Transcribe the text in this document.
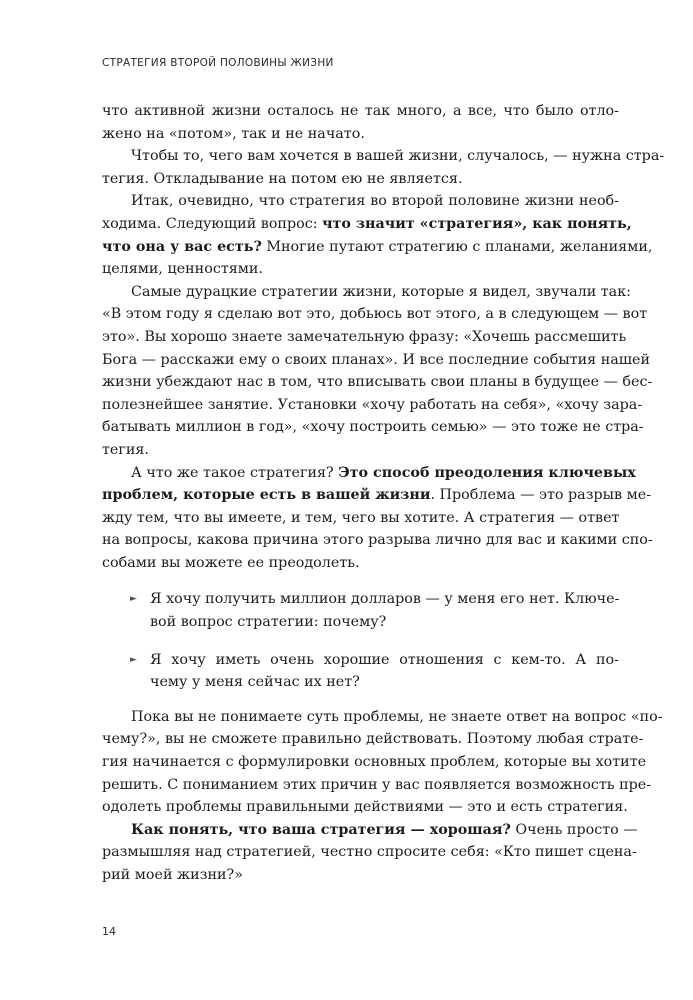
СТРАТЕГИЯ ВТОРОЙ ПОЛОВИНЫ ЖИЗНИ
что активной жизни осталось не так много, а все, что было отло-
жено на «потом», так и не начато.
Чтобы то, чего вам хочется в вашей жизни, случалось, — нужна стра-
тегия. Откладывание на потом ею не является.
Итак, очевидно, что стратегия во второй половине жизни необ-
ходима. Следующий вопрос: что значит «стратегия», как понять,
что она у вас есть? Многие путают стратегию с планами, желаниями,
целями, ценностями.
Самые дурацкие стратегии жизни, которые я видел, звучали так:
«В этом году я сделаю вот это, добьюсь вот этого, а в следующем — вот
это». Вы хорошо знаете замечательную фразу: «Хочешь рассмешить
Бога — расскажи ему о своих планах». И все последние события нашей
жизни убеждают нас в том, что вписывать свои планы в будущее — бес-
полезнейшее занятие. Установки «хочу работать на себя», «хочу зара-
батывать миллион в год», «хочу построить семью» — это тоже не стра-
тегия.
А что же такое стратегия? Это способ преодоления ключевых
проблем, которые есть в вашей жизни. Проблема — это разрыв ме-
жду тем, что вы имеете, и тем, чего вы хотите. А стратегия — ответ
на вопросы, какова причина этого разрыва лично для вас и какими спо-
собами вы можете ее преодолеть.
► Я хочу получить миллион долларов — у меня его нет. Ключе-
вой вопрос стратегии: почему?
► Я хочу иметь очень хорошие отношения с кем-то. А по-
чему у меня сейчас их нет?
Пока вы не понимаете суть проблемы, не знаете ответ на вопрос «по-
чему?», вы не сможете правильно действовать. Поэтому любая страте-
гия начинается с формулировки основных проблем, которые вы хотите
решить. С пониманием этих причин у вас появляется возможность пре-
одолеть проблемы правильными действиями — это и есть стратегия.
Как понять, что ваша стратегия — хорошая? Очень просто —
размышляя над стратегией, честно спросите себя: «Кто пишет сцена-
рий моей жизни?»
14
